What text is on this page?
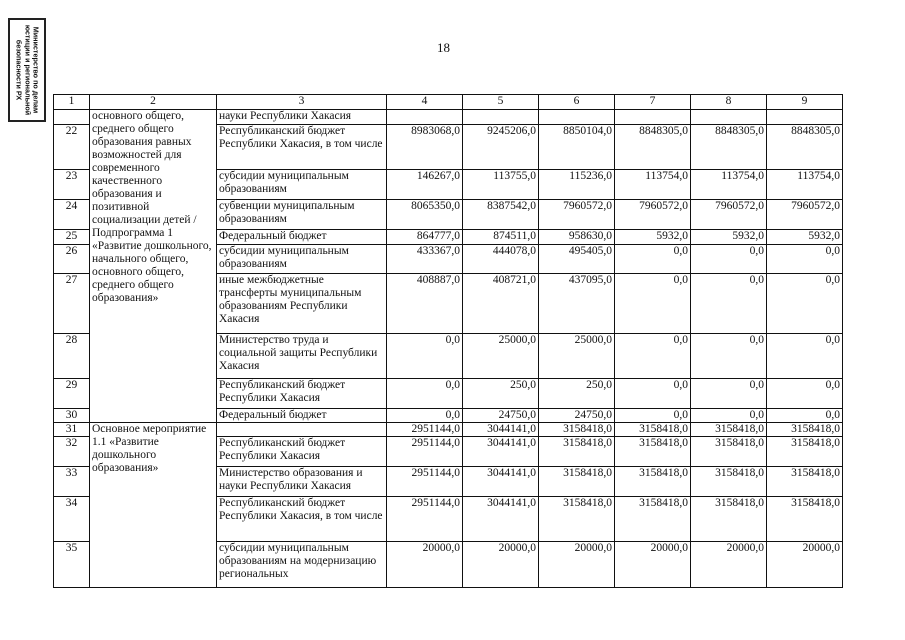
Министерство по делам
юстиции и региональной
безопасности РХ	18
1	2	3	4	5	6	7	8	9
	основного общего, среднего общего образования равных возможностей для современного качественного образования и позитивной социализации детей /Подпрограмма 1 «Развитие дошкольного, начального общего, основного общего, среднего общего образования»	науки Республики Хакасия						
22		Республиканский бюджет Республики Хакасия, в том числе	8983068,0	9245206,0	8850104,0	8848305,0	8848305,0	8848305,0
23		субсидии муниципальным образованиям	146267,0	113755,0	115236,0	113754,0	113754,0	113754,0
24		субвенции муниципальным образованиям	8065350,0	8387542,0	7960572,0	7960572,0	7960572,0	7960572,0
25		Федеральный бюджет	864777,0	874511,0	958630,0	5932,0	5932,0	5932,0
26		субсидии муниципальным образованиям	433367,0	444078,0	495405,0	0,0	0,0	0,0
27		иные межбюджетные трансферты муниципальным образованиям Республики Хакасия	408887,0	408721,0	437095,0	0,0	0,0	0,0
28		Министерство труда и социальной защиты Республики Хакасия	0,0	25000,0	25000,0	0,0	0,0	0,0
29		Республиканский бюджет Республики Хакасия	0,0	250,0	250,0	0,0	0,0	0,0
30		Федеральный бюджет	0,0	24750,0	24750,0	0,0	0,0	0,0
31	Основное мероприятие 1.1 «Развитие дошкольного образования»		2951144,0	3044141,0	3158418,0	3158418,0	3158418,0	3158418,0
32		Республиканский бюджет Республики Хакасия	2951144,0	3044141,0	3158418,0	3158418,0	3158418,0	3158418,0
33		Министерство образования и науки Республики Хакасия	2951144,0	3044141,0	3158418,0	3158418,0	3158418,0	3158418,0
34		Республиканский бюджет Республики Хакасия, в том числе	2951144,0	3044141,0	3158418,0	3158418,0	3158418,0	3158418,0
35		субсидии муниципальным образованиям на модернизацию региональных	20000,0	20000,0	20000,0	20000,0	20000,0	20000,0
